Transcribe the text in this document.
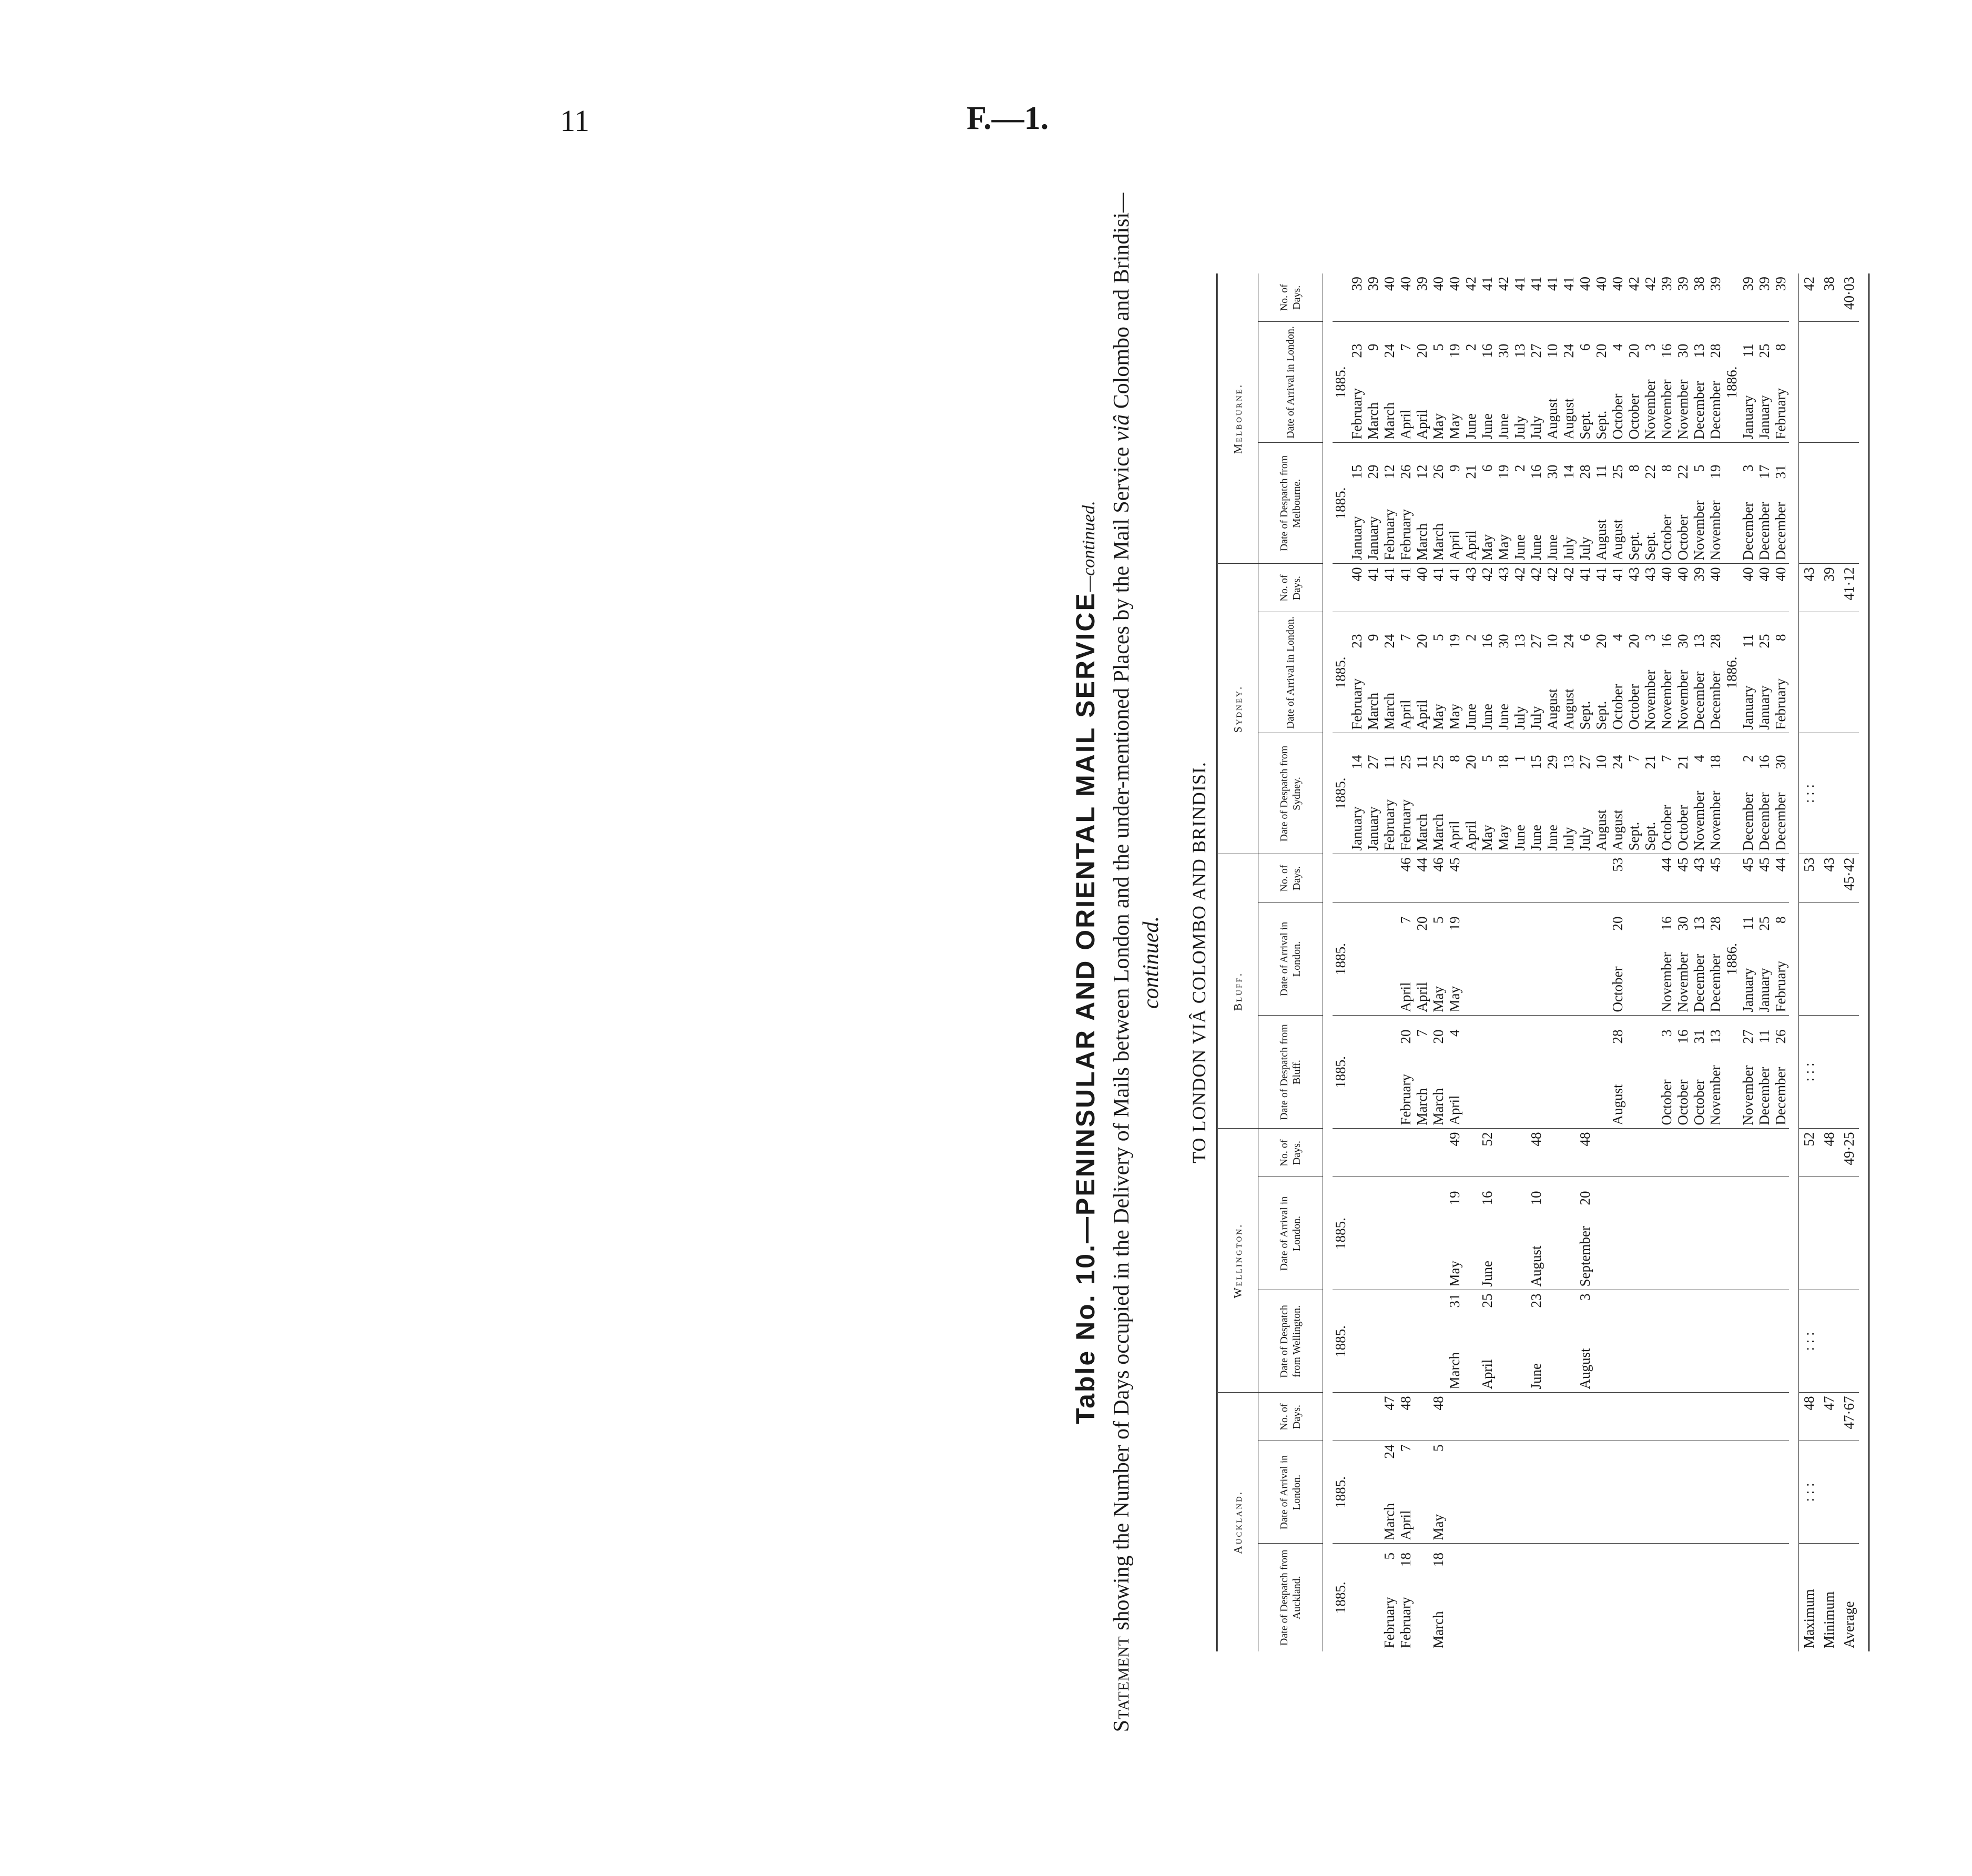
11	F.—1.
Table No. 10.—PENINSULAR AND ORIENTAL MAIL SERVICE—continued.
Statement showing the Number of Days occupied in the Delivery of Mails between London and the under-mentioned Places by the Mail Service viâ Colombo and Brindisi—continued. TO LONDON VIÂ COLOMBO AND BRINDISI.
Auckland.			Wellington.			Bluff.			Sydney.			Melbourne.		
Date of Despatch from Auckland.	Date of Arrival in London.	No. of Days.	Date of Despatch from Wellington.	Date of Arrival in London.	No. of Days.	Date of Despatch from Bluff.	Date of Arrival in London.	No. of Days.	Date of Despatch from Sydney.	Date of Arrival in London.	No. of Days.	Date of Despatch from Melbourne.	Date of Arrival in London.	No. of Days.

1885.	1885.		1885.	1885.		1885.	1885.		1885.	1885.		1885.	1885.	
									January14	February23	40	January15	February23	39
									January27	March9	41	January29	March9	39
February5	March24	47							February11	March24	41	February12	March24	40
February18	April7	48				February20	April7	46	February25	April7	41	February26	April7	40
						March7	April20	44	March11	April20	40	March12	April20	39
March18	May5	48				March20	May5	46	March25	May5	41	March26	May5	40
			March31	May19	49	April4	May19	45	April8	May19	41	April9	May19	40
									April20	June2	43	April21	June2	42
			April25	June16	52				May5	June16	42	May6	June16	41
									May18	June30	43	May19	June30	42
									June1	July13	42	June2	July13	41
			June23	August10	48				June15	July27	42	June16	July27	41
									June29	August10	42	June30	August10	41
									July13	August24	42	July14	August24	41
			August3	September20	48				July27	Sept.6	41	July28	Sept.6	40
									August10	Sept.20	41	August11	Sept.20	40
						August28	October20	53	August24	October4	41	August25	October4	40
									Sept.7	October20	43	Sept.8	October20	42
									Sept.21	November3	43	Sept.22	November3	42
						October3	November16	44	October7	November16	40	October8	November16	39
						October16	November30	45	October21	November30	40	October22	November30	39
						October31	December13	43	November4	December13	39	November5	December13	38
						November13	December28	45	November18	December28	40	November19	December28	39
							1886.			1886.			1886.	
						November27	January11	45	December2	January11	40	December3	January11	39
						December11	January25	45	December16	January25	40	December17	January25	39
						December26	February8	44	December30	February8	40	December31	February8	39

Maximum	: : :	48	: : :		52	: : :		53	: : :		43			42
Minimum		47			48			43			39			38
Average		47·67			49·25			45·42			41·12			40·03
